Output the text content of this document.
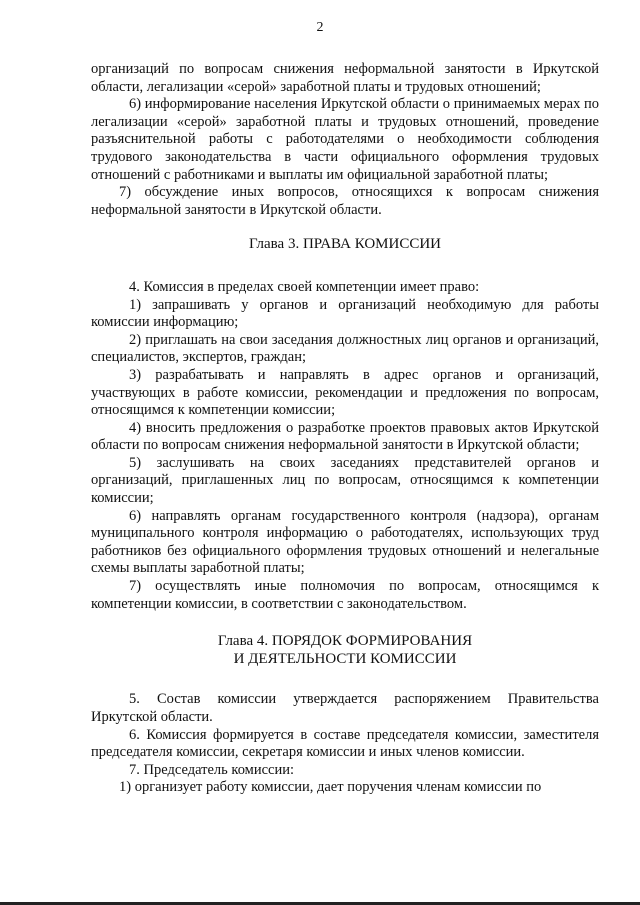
2

организаций по вопросам снижения неформальной занятости в Иркутской области, легализации «серой» заработной платы и трудовых отношений;

6) информирование населения Иркутской области о принимаемых мерах по легализации «серой» заработной платы и трудовых отношений, проведение разъяснительной работы с работодателями о необходимости соблюдения трудового законодательства в части официального оформления трудовых отношений с работниками и выплаты им официальной заработной платы;

7) обсуждение иных вопросов, относящихся к вопросам снижения неформальной занятости в Иркутской области.

Глава 3. ПРАВА КОМИССИИ

4. Комиссия в пределах своей компетенции имеет право:

1) запрашивать у органов и организаций необходимую для работы комиссии информацию;

2) приглашать на свои заседания должностных лиц органов и организаций, специалистов, экспертов, граждан;

3) разрабатывать и направлять в адрес органов и организаций, участвующих в работе комиссии, рекомендации и предложения по вопросам, относящимся к компетенции комиссии;

4) вносить предложения о разработке проектов правовых актов Иркутской области по вопросам снижения неформальной занятости в Иркутской области;

5) заслушивать на своих заседаниях представителей органов и организаций, приглашенных лиц по вопросам, относящимся к компетенции комиссии;

6) направлять органам государственного контроля (надзора), органам муниципального контроля информацию о работодателях, использующих труд работников без официального оформления трудовых отношений и нелегальные схемы выплаты заработной платы;

7) осуществлять иные полномочия по вопросам, относящимся к компетенции комиссии, в соответствии с законодательством.

Глава 4. ПОРЯДОК ФОРМИРОВАНИЯ
И ДЕЯТЕЛЬНОСТИ КОМИССИИ

5. Состав комиссии утверждается распоряжением Правительства Иркутской области.

6. Комиссия формируется в составе председателя комиссии, заместителя председателя комиссии, секретаря комиссии и иных членов комиссии.

7. Председатель комиссии:

1) организует работу комиссии, дает поручения членам комиссии по
